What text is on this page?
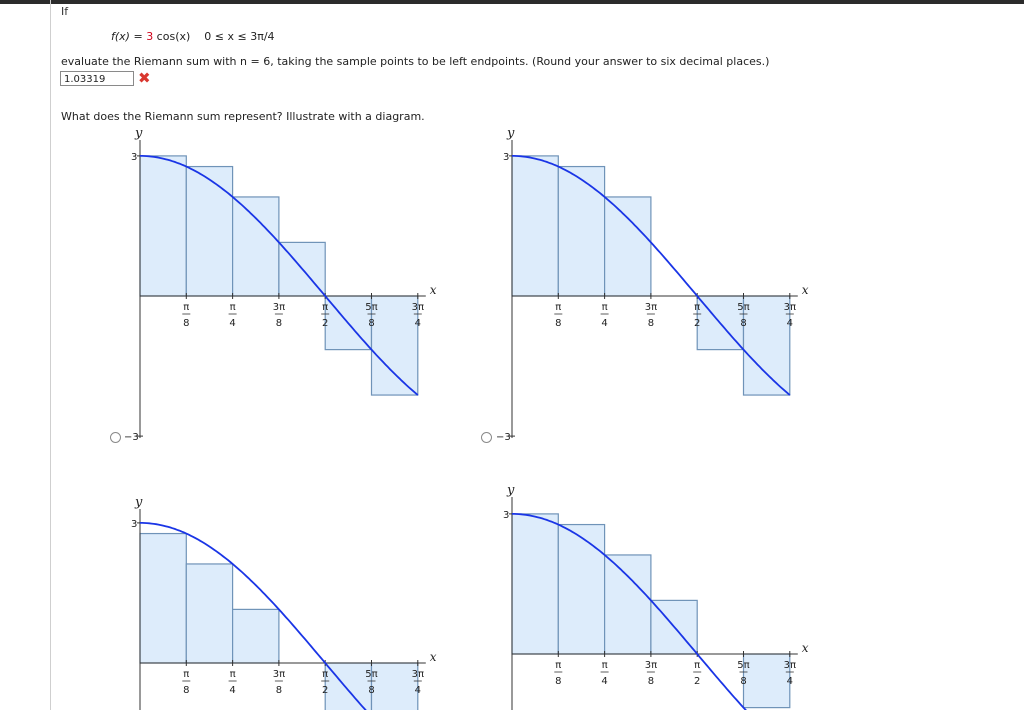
If
f(x) = 3 cos(x) 0 ≤ x ≤ 3π/4
evaluate the Riemann sum with n = 6, taking the sample points to be left endpoints. (Round your answer to six decimal places.)
1.03319	✖
What does the Riemann sum represent? Illustrate with a diagram.
3
−3
y
x
π
8
π
4
3π
8
π
2
5π
8
3π
4
3
−3
y
x
π
8
π
4
3π
8
π
2
5π
8
3π
4
3
y
x
π
8
π
4
3π
8
π
2
5π
8
3π
4
3
y
x
π
8
π
4
3π
8
π
2
5π
8
3π
4
